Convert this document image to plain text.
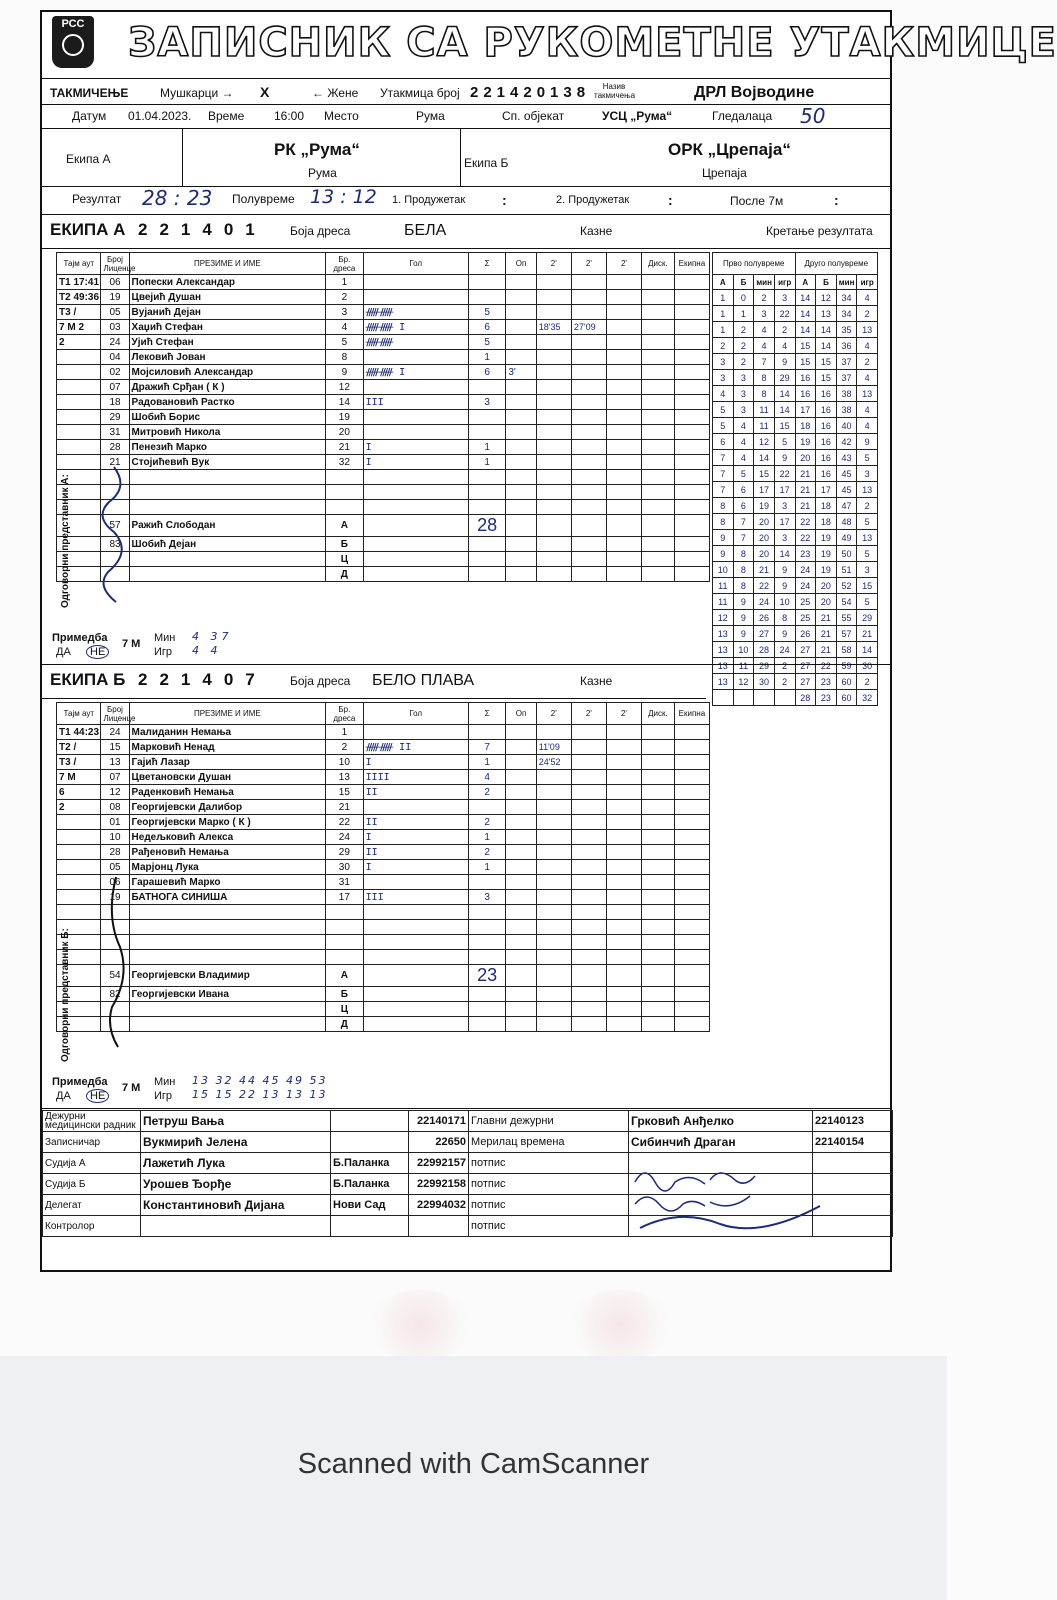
РСС ЗАПИСНИК СА РУКОМЕТНЕ УТАКМИЦЕ
ТАКМИЧЕЊЕ	Мушкарци → X	← Жене Утакмица број 221420138	Назив такмичења	ДРЛ Војводине
Датум 01.04.2023. Време 16:00 Место	Рума	Сп. објекат	УСЦ „Рума“	Гледалаца 50
Екипа А	РК „Рума“
Рума
Екипа Б
ОРК „Црепаја“
Црепаја
Резултат 28 : 23 Полувреме 13 : 12 1. Продужетак	:	2. Продужетак	:	После 7м	:
ЕКИПА А 221401 Боја дреса	БЕЛА	Казне	Кретање резултата
Тајм аут	Број Лиценце	ПРЕЗИМЕ И ИМЕ	Бр. дреса	Гол	Σ	Оп	2'	2'	2'	Диск.	Екипна
T1 17:41	06	Попески Александар	1								
T2 49:36	19	Цвејић Душан	2								
T3 /	05	Вујанић Дејан	3	ᚏᚏ	5						
7 M 2	03	Хаџић Стефан	4	ᚏᚏ I	6		18'35	27'09			
2	24	Ујић Стефан	5	ᚏᚏ	5						
	04	Лековић Јован	8		1						
	02	Мојсиловић Александар	9	ᚏᚏ I	6	3'					
	07	Дражић Срђан ( К )	12								
	18	Радовановић Растко	14	III	3						
	29	Шобић Борис	19								
	31	Митровић Никола	20								
	28	Пенезић Марко	21	I	1						
	21	Стојићевић Вук	32	I	1						

	57	Ражић Слободан	А		28						
	83	Шобић Дејан	Б								
			Ц								
			Д								
Одговорни представник А:
Прво полувреме				Друго полувреме			
А	Б	мин	игр	А	Б	мин	игр
1	0	2	3	14	12	34	4
1	1	3	22	14	13	34	2
1	2	4	2	14	14	35	13
2	2	4	4	15	14	36	4
3	2	7	9	15	15	37	2
3	3	8	29	16	15	37	4
4	3	8	14	16	16	38	13
5	3	11	14	17	16	38	4
5	4	11	15	18	16	40	4
6	4	12	5	19	16	42	9
7	4	14	9	20	16	43	5
7	5	15	22	21	16	45	3
7	6	17	17	21	17	45	13
8	6	19	3	21	18	47	2
8	7	20	17	22	18	48	5
9	7	20	3	22	19	49	13
9	8	20	14	23	19	50	5
10	8	21	9	24	19	51	3
11	8	22	9	24	20	52	15
11	9	24	10	25	20	54	5
12	9	26	8	25	21	55	29
13	9	27	9	26	21	57	21
13	10	28	24	27	21	58	14
13	11	29	2	27	22	59	30
13	12	30	2	27	23	60	2
				28	23	60	32
Примедба
ДА	НЕ
7 M Мин
Игр
4 37
4 4
ЕКИПА Б 221407 Боја дреса БЕЛО ПЛАВА	Казне
Тајм аут	Број Лиценце	ПРЕЗИМЕ И ИМЕ	Бр. дреса	Гол	Σ	Оп	2'	2'	2'	Диск.	Екипна
T1 44:23	24	Малиданин Немања	1								
T2 /	15	Марковић Ненад	2	ᚏᚏ II	7		11'09				
T3 /	13	Гајић Лазар	10	I	1		24'52				
7 M	07	Цветановски Душан	13	IIII	4						
6	12	Раденковић Немања	15	II	2						
2	08	Георгијевски Далибор	21								
	01	Георгијевски Марко ( К )	22	II	2						
	10	Недељковић Алекса	24	I	1						
	28	Рађеновић Немања	29	II	2						
	05	Марјонц Лука	30	I	1						
	06	Гарашевић Марко	31								
	19	БАТНОГА СИНИША	17	III	3						

	54	Георгијевски Владимир	А		23						
	82	Георгијевски Ивана	Б								
			Ц								
			Д								
Одговорни представник Б:
Примедба
ДА	НЕ
7 M Мин
Игр
13 32 44 45 49 53
15 15 22 13 13 13
Дежурни медицински радник	Петруш Вања		22140171	Главни дежурни	Грковић Анђелко	22140123
Записничар	Вукмирић Јелена		22650	Мерилац времена	Сибинчић Драган	22140154
Судија А	Лажетић Лука	Б.Паланка	22992157	потпис		
Судија Б	Урошев Ђорђе	Б.Паланка	22992158	потпис		
Делегат	Константиновић Дијана	Нови Сад	22994032	потпис		
Контролор				потпис		
Scanned with CamScanner
